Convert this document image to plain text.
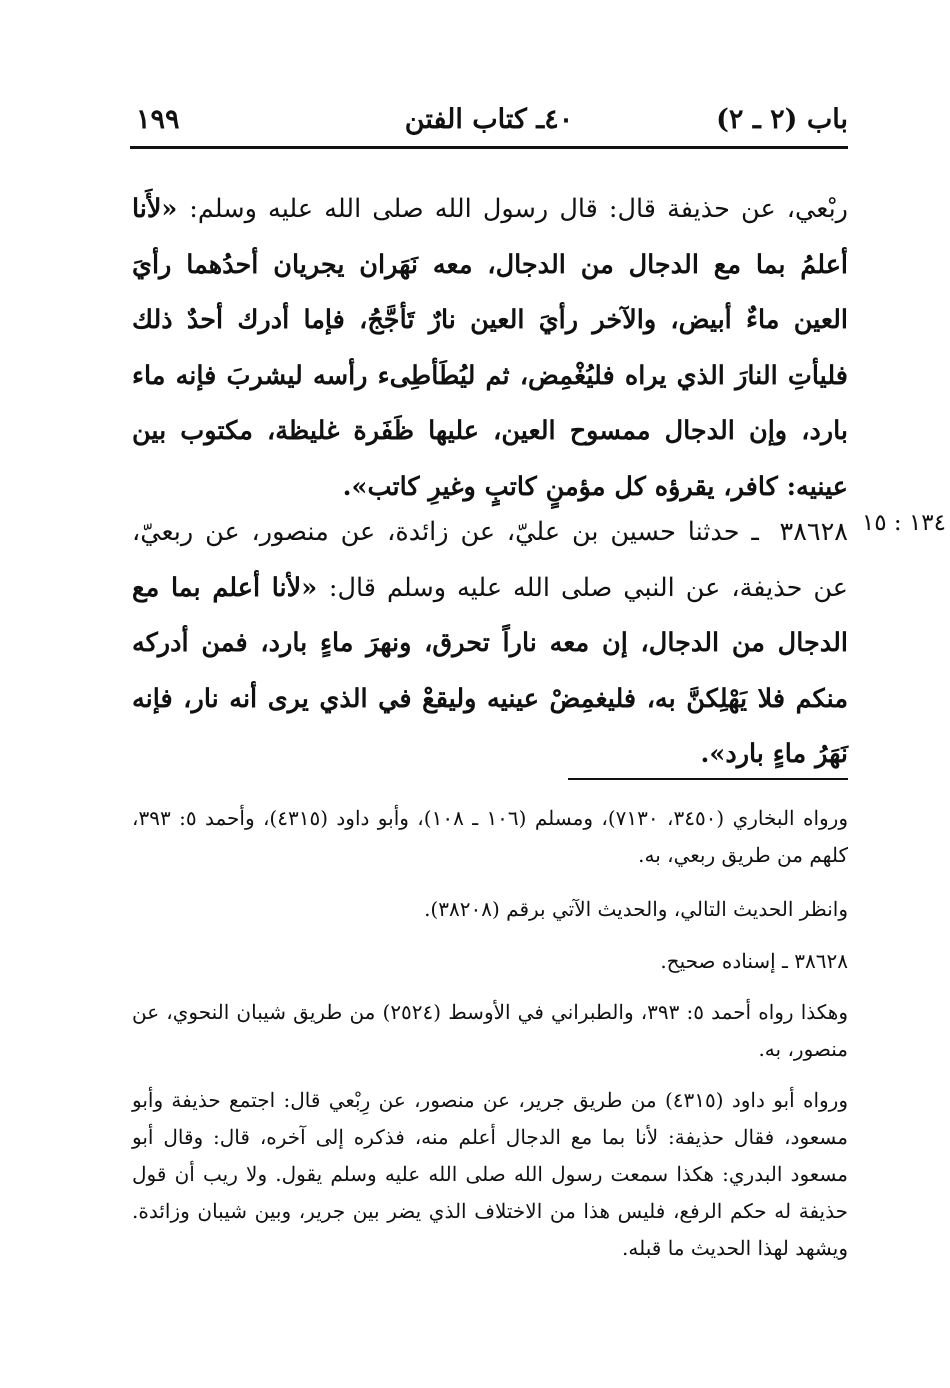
باب (٢ ـ ٢)
٤٠ـ كتاب الفتن
١٩٩
ربْعي، عن حذيفة قال: قال رسول الله صلى الله عليه وسلم: «لأَنا أعلمُ بما مع الدجال من الدجال، معه نَهَران يجريان أحدُهما رأيَ العين ماءٌ أبيض، والآخر رأيَ العين نارٌ تَأجَّجُ، فإما أدرك أحدٌ ذلك فليأتِ النارَ الذي يراه فليُغْمِض، ثم ليُطَأطِىء رأسه ليشربَ فإنه ماء بارد، وإن الدجال ممسوح العين، عليها ظَفَرة غليظة، مكتوب بين عينيه: كافر، يقرؤه كل مؤمنٍ كاتبٍ وغيرِ كاتب».
١٣٤ : ١٥
٣٨٦٢٨ ـ حدثنا حسين بن عليّ، عن زائدة، عن منصور، عن ربعيّ، عن حذيفة، عن النبي صلى الله عليه وسلم قال: «لأنا أعلم بما مع الدجال من الدجال، إن معه ناراً تحرق، ونهرَ ماءٍ بارد، فمن أدركه منكم فلا يَهْلِكنَّ به، فليغمِضْ عينيه وليقعْ في الذي يرى أنه نار، فإنه نَهَرُ ماءٍ بارد».
ورواه البخاري (٣٤٥٠، ٧١٣٠)، ومسلم (١٠٦ ـ ١٠٨)، وأبو داود (٤٣١٥)، وأحمد ٥: ٣٩٣، كلهم من طريق ربعي، به.
وانظر الحديث التالي، والحديث الآتي برقم (٣٨٢٠٨).
٣٨٦٢٨ ـ إسناده صحيح.
وهكذا رواه أحمد ٥: ٣٩٣، والطبراني في الأوسط (٢٥٢٤) من طريق شيبان النحوي، عن منصور، به.
ورواه أبو داود (٤٣١٥) من طريق جرير، عن منصور، عن رِبْعي قال: اجتمع حذيفة وأبو مسعود، فقال حذيفة: لأنا بما مع الدجال أعلم منه، فذكره إلى آخره، قال: وقال أبو مسعود البدري: هكذا سمعت رسول الله صلى الله عليه وسلم يقول. ولا ريب أن قول حذيفة له حكم الرفع، فليس هذا من الاختلاف الذي يضر بين جرير، وبين شيبان وزائدة. ويشهد لهذا الحديث ما قبله.
